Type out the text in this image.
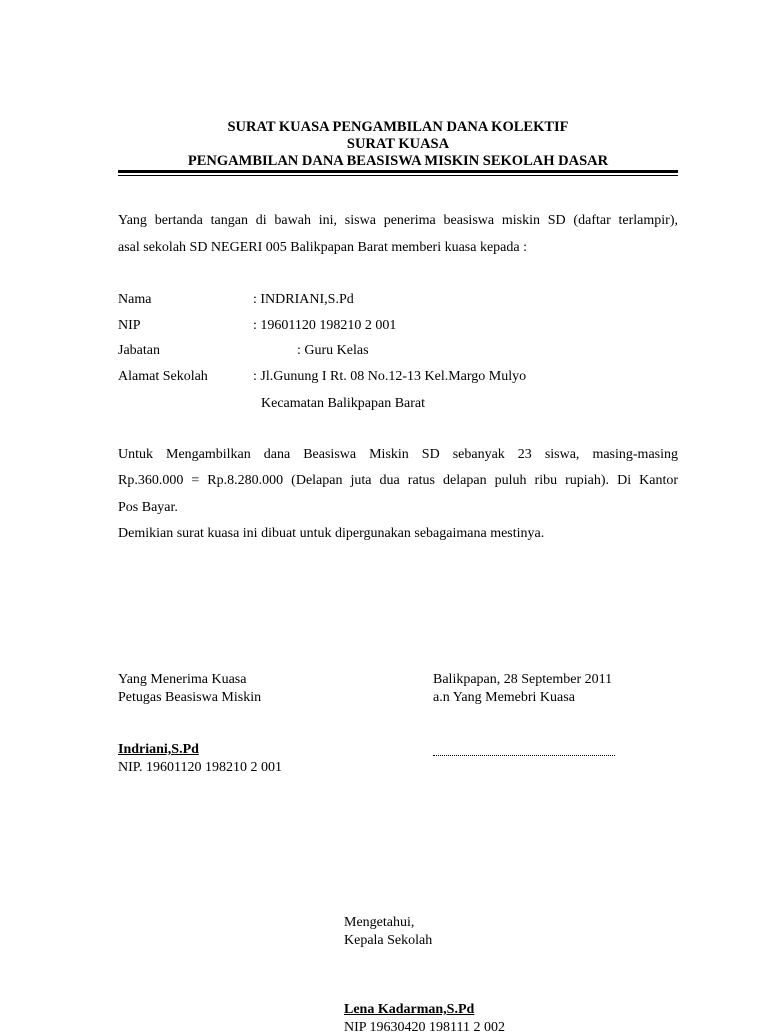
SURAT KUASA PENGAMBILAN DANA KOLEKTIF
SURAT KUASA
PENGAMBILAN DANA BEASISWA MISKIN SEKOLAH DASAR
Yang bertanda tangan di bawah ini, siswa penerima beasiswa miskin SD (daftar terlampir),
asal sekolah SD NEGERI 005 Balikpapan Barat memberi kuasa kepada :
Nama	: INDRIANI,S.Pd
NIP	: 19601120 198210 2 001
Jabatan	: Guru Kelas
Alamat Sekolah	: Jl.Gunung I Rt. 08 No.12-13 Kel.Margo Mulyo
Kecamatan Balikpapan Barat
Untuk Mengambilkan dana Beasiswa Miskin SD sebanyak 23 siswa, masing-masing
Rp.360.000 = Rp.8.280.000 (Delapan juta dua ratus delapan puluh ribu rupiah). Di Kantor
Pos Bayar.
Demikian surat kuasa ini dibuat untuk dipergunakan sebagaimana mestinya.
Yang Menerima Kuasa
Petugas Beasiswa Miskin
Indriani,S.Pd
NIP. 19601120 198210 2 001
Balikpapan, 28 September 2011
a.n Yang Memebri Kuasa
Mengetahui,
Kepala Sekolah
Lena Kadarman,S.Pd
NIP 19630420 198111 2 002
